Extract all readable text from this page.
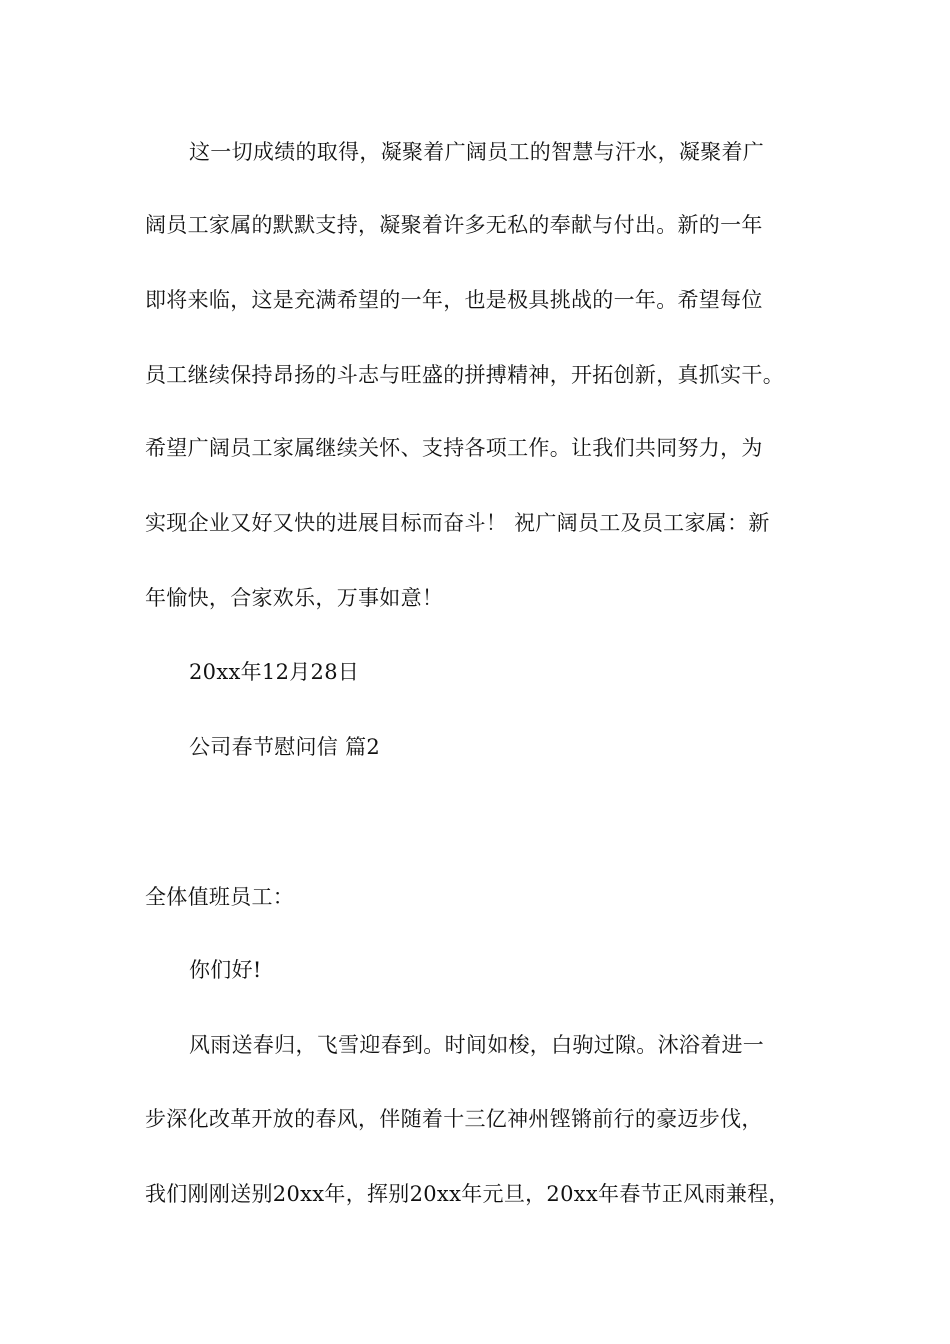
这一切成绩的取得，凝聚着广阔员工的智慧与汗水，凝聚着广
阔员工家属的默默支持，凝聚着许多无私的奉献与付出。新的一年
即将来临，这是充满希望的一年，也是极具挑战的一年。希望每位
员工继续保持昂扬的斗志与旺盛的拼搏精神，开拓创新，真抓实干。
希望广阔员工家属继续关怀、支持各项工作。让我们共同努力，为
实现企业又好又快的进展目标而奋斗！ 祝广阔员工及员工家属：新
年愉快，合家欢乐，万事如意！
20xx年12月28日
公司春节慰问信 篇2
全体值班员工：
你们好!
风雨送春归，飞雪迎春到。时间如梭，白驹过隙。沐浴着进一
步深化改革开放的春风，伴随着十三亿神州铿锵前行的豪迈步伐，
我们刚刚送别20xx年，挥别20xx年元旦，20xx年春节正风雨兼程，
